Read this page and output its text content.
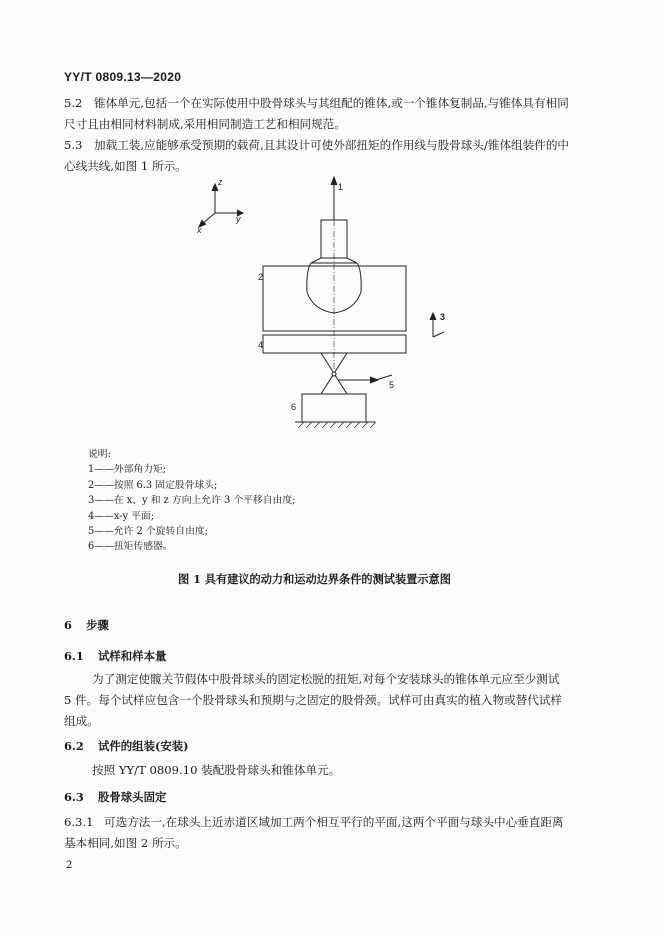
YY/T 0809.13—2020
5.2 锥体单元,包括一个在实际使用中股骨球头与其组配的锥体,或一个锥体复制品,与锥体具有相同
尺寸且由相同材料制成,采用相同制造工艺和相同规范。
5.3 加载工装,应能够承受预期的载荷,且其设计可使外部扭矩的作用线与股骨球头/锥体组装件的中
心线共线,如图 1 所示。
z
x
y
1
2
3
4
5
6
说明:
1——外部角力矩;
2——按照 6.3 固定股骨球头;
3——在 x、y 和 z 方向上允许 3 个平移自由度;
4——x-y 平面;
5——允许 2 个旋转自由度;
6——扭矩传感器。
图 1 具有建议的动力和运动边界条件的测试装置示意图
6 步骤
6.1 试样和样本量
为了测定使髋关节假体中股骨球头的固定松脱的扭矩,对每个安装球头的锥体单元应至少测试
5 件。每个试样应包含一个股骨球头和预期与之固定的股骨颈。试样可由真实的植入物或替代试样
组成。
6.2 试件的组装(安装)
按照 YY/T 0809.10 装配股骨球头和锥体单元。
6.3 股骨球头固定
6.3.1 可选方法一,在球头上近赤道区域加工两个相互平行的平面,这两个平面与球头中心垂直距离
基本相同,如图 2 所示。
2
